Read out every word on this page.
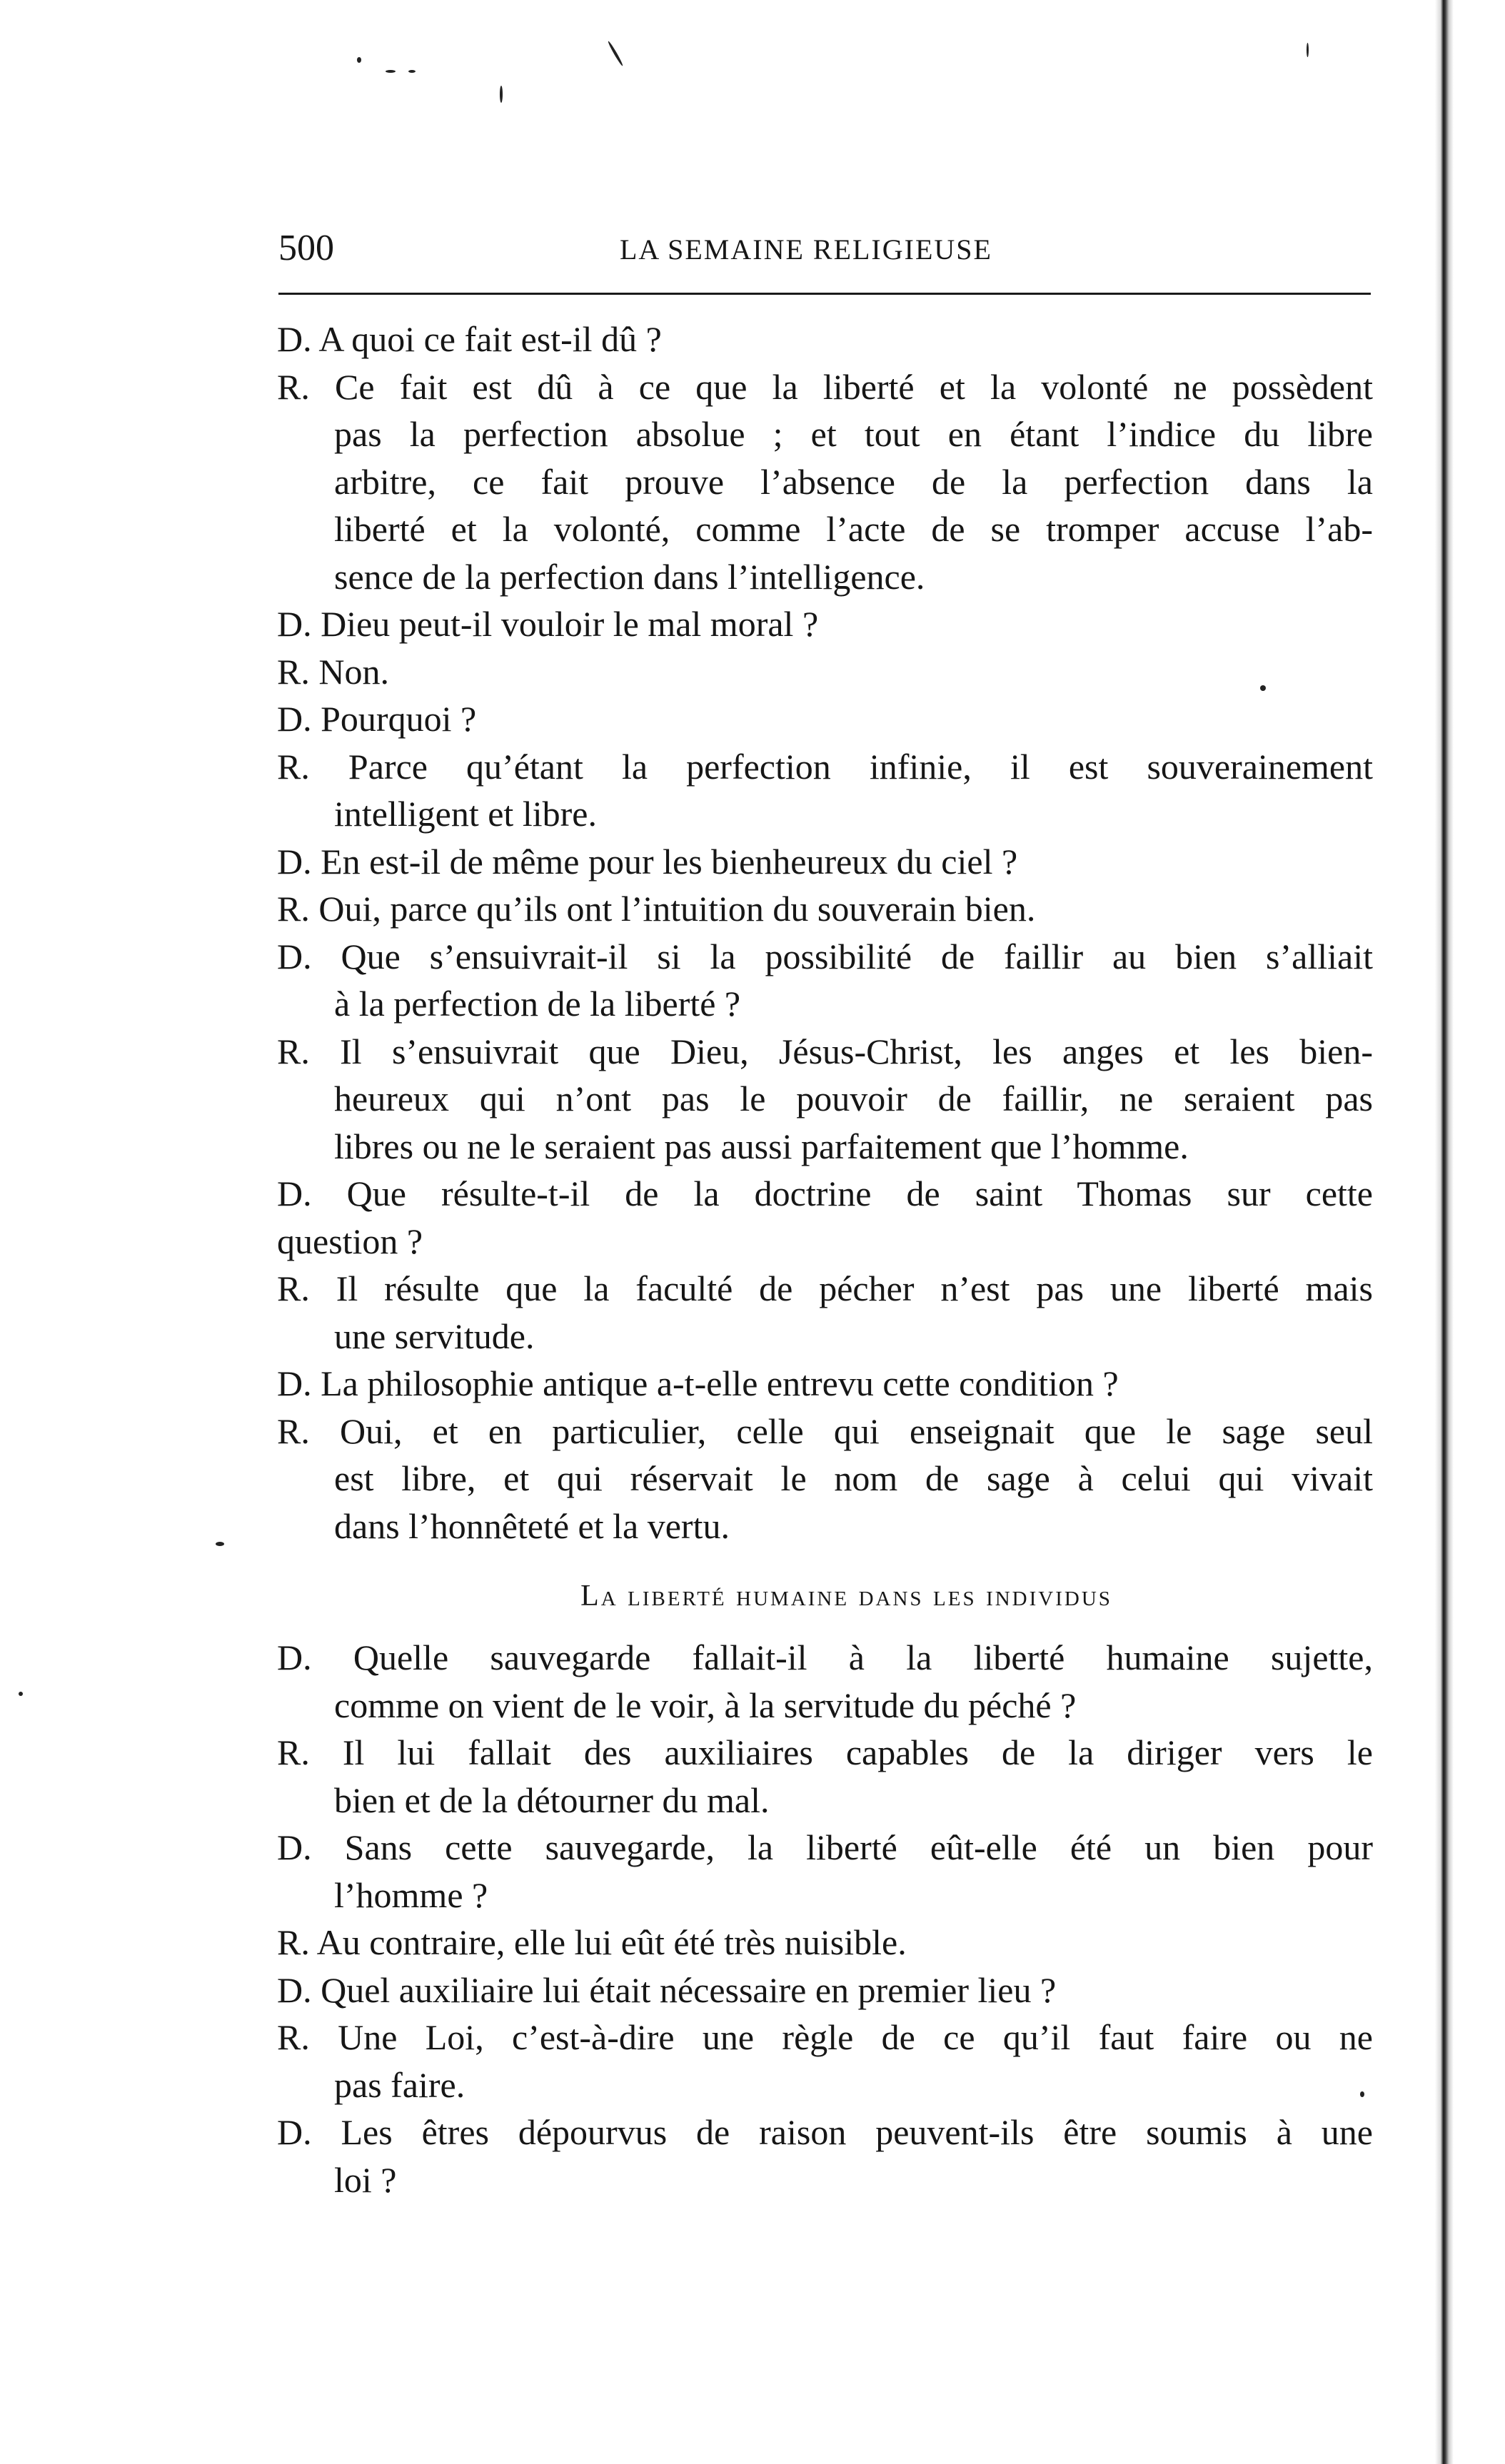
500	LA SEMAINE RELIGIEUSE
D. A quoi ce fait est-il dû ?
R. Ce fait est dû à ce que la liberté et la volonté ne possèdent
pas la perfection absolue ; et tout en étant l’indice du libre
arbitre, ce fait prouve l’absence de la perfection dans la
liberté et la volonté, comme l’acte de se tromper accuse l’ab-
sence de la perfection dans l’intelligence.
D. Dieu peut-il vouloir le mal moral ?
R. Non.
D. Pourquoi ?
R. Parce qu’étant la perfection infinie, il est souverainement
intelligent et libre.
D. En est-il de même pour les bienheureux du ciel ?
R. Oui, parce qu’ils ont l’intuition du souverain bien.
D. Que s’ensuivrait-il si la possibilité de faillir au bien s’alliait
à la perfection de la liberté ?
R. Il s’ensuivrait que Dieu, Jésus-Christ, les anges et les bien-
heureux qui n’ont pas le pouvoir de faillir, ne seraient pas
libres ou ne le seraient pas aussi parfaitement que l’homme.
D. Que résulte-t-il de la doctrine de saint Thomas sur cette
question ?
R. Il résulte que la faculté de pécher n’est pas une liberté mais
une servitude.
D. La philosophie antique a-t-elle entrevu cette condition ?
R. Oui, et en particulier, celle qui enseignait que le sage seul
est libre, et qui réservait le nom de sage à celui qui vivait
dans l’honnêteté et la vertu.
La liberté humaine dans les individus
D. Quelle sauvegarde fallait-il à la liberté humaine sujette,
comme on vient de le voir, à la servitude du péché ?
R. Il lui fallait des auxiliaires capables de la diriger vers le
bien et de la détourner du mal.
D. Sans cette sauvegarde, la liberté eût-elle été un bien pour
l’homme ?
R. Au contraire, elle lui eût été très nuisible.
D. Quel auxiliaire lui était nécessaire en premier lieu ?
R. Une Loi, c’est-à-dire une règle de ce qu’il faut faire ou ne
pas faire.
D. Les êtres dépourvus de raison peuvent-ils être soumis à une
loi ?
